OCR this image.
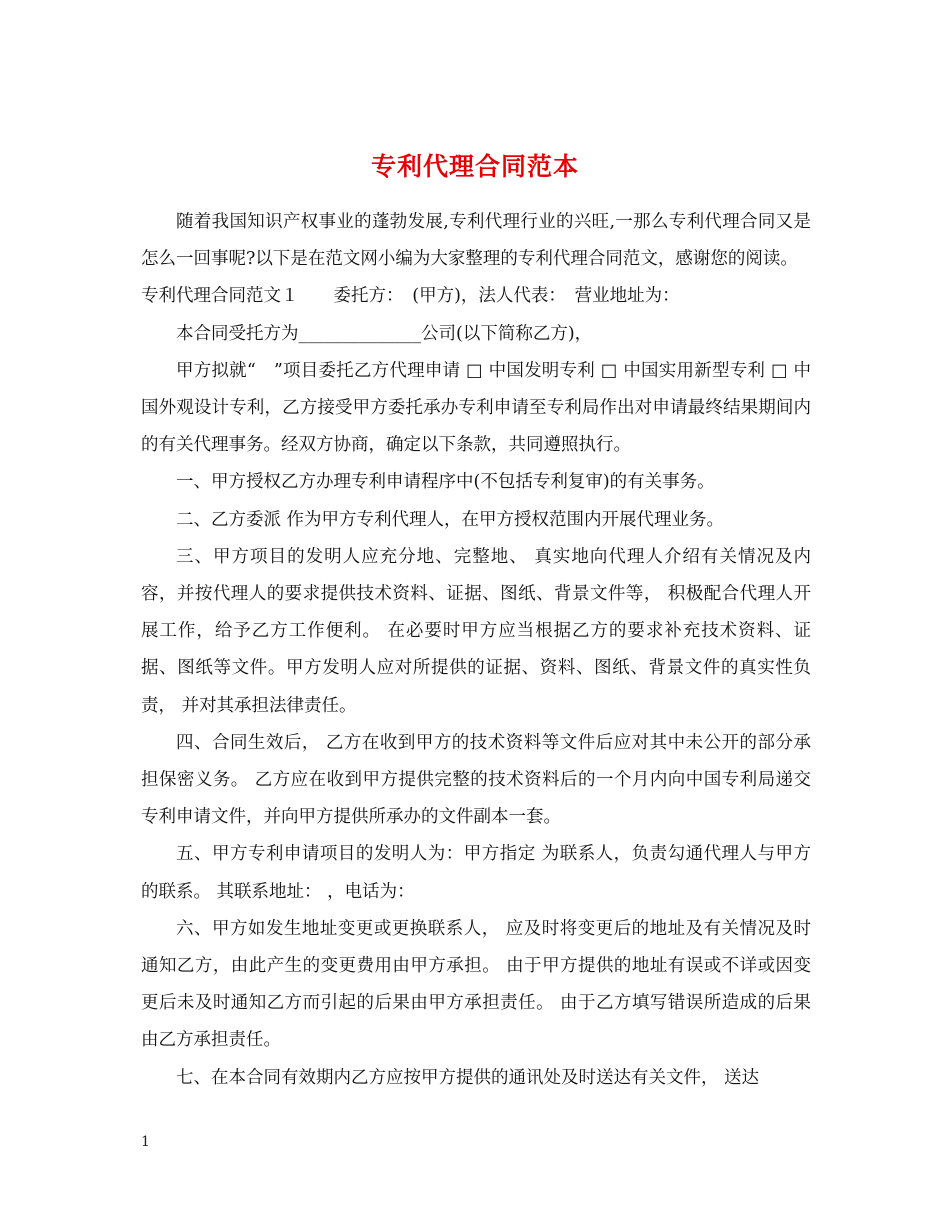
专利代理合同范本

随着我国知识产权事业的蓬勃发展,专利代理行业的兴旺,一那么专利代理合同又是怎么一回事呢?以下是在范文网小编为大家整理的专利代理合同范文，感谢您的阅读。

专利代理合同范文１　　委托方：　(甲方)，法人代表：　营业地址为：

本合同受托方为______________公司(以下简称乙方)，

甲方拟就“　”项目委托乙方代理申请 □ 中国发明专利 □ 中国实用新型专利 □ 中国外观设计专利，乙方接受甲方委托承办专利申请至专利局作出对申请最终结果期间内的有关代理事务。经双方协商，确定以下条款，共同遵照执行。

一、甲方授权乙方办理专利申请程序中(不包括专利复审)的有关事务。

二、乙方委派 作为甲方专利代理人，在甲方授权范围内开展代理业务。

三、甲方项目的发明人应充分地、完整地、 真实地向代理人介绍有关情况及内容，并按代理人的要求提供技术资料、证据、图纸、背景文件等， 积极配合代理人开展工作，给予乙方工作便利。 在必要时甲方应当根据乙方的要求补充技术资料、证据、图纸等文件。甲方发明人应对所提供的证据、资料、图纸、背景文件的真实性负责， 并对其承担法律责任。

四、合同生效后， 乙方在收到甲方的技术资料等文件后应对其中未公开的部分承担保密义务。 乙方应在收到甲方提供完整的技术资料后的一个月内向中国专利局递交专利申请文件，并向甲方提供所承办的文件副本一套。

五、甲方专利申请项目的发明人为：甲方指定 为联系人，负责勾通代理人与甲方的联系。 其联系地址： ，电话为：

六、甲方如发生地址变更或更换联系人， 应及时将变更后的地址及有关情况及时通知乙方，由此产生的变更费用由甲方承担。 由于甲方提供的地址有误或不详或因变更后未及时通知乙方而引起的后果由甲方承担责任。 由于乙方填写错误所造成的后果由乙方承担责任。

七、在本合同有效期内乙方应按甲方提供的通讯处及时送达有关文件， 送达

1
